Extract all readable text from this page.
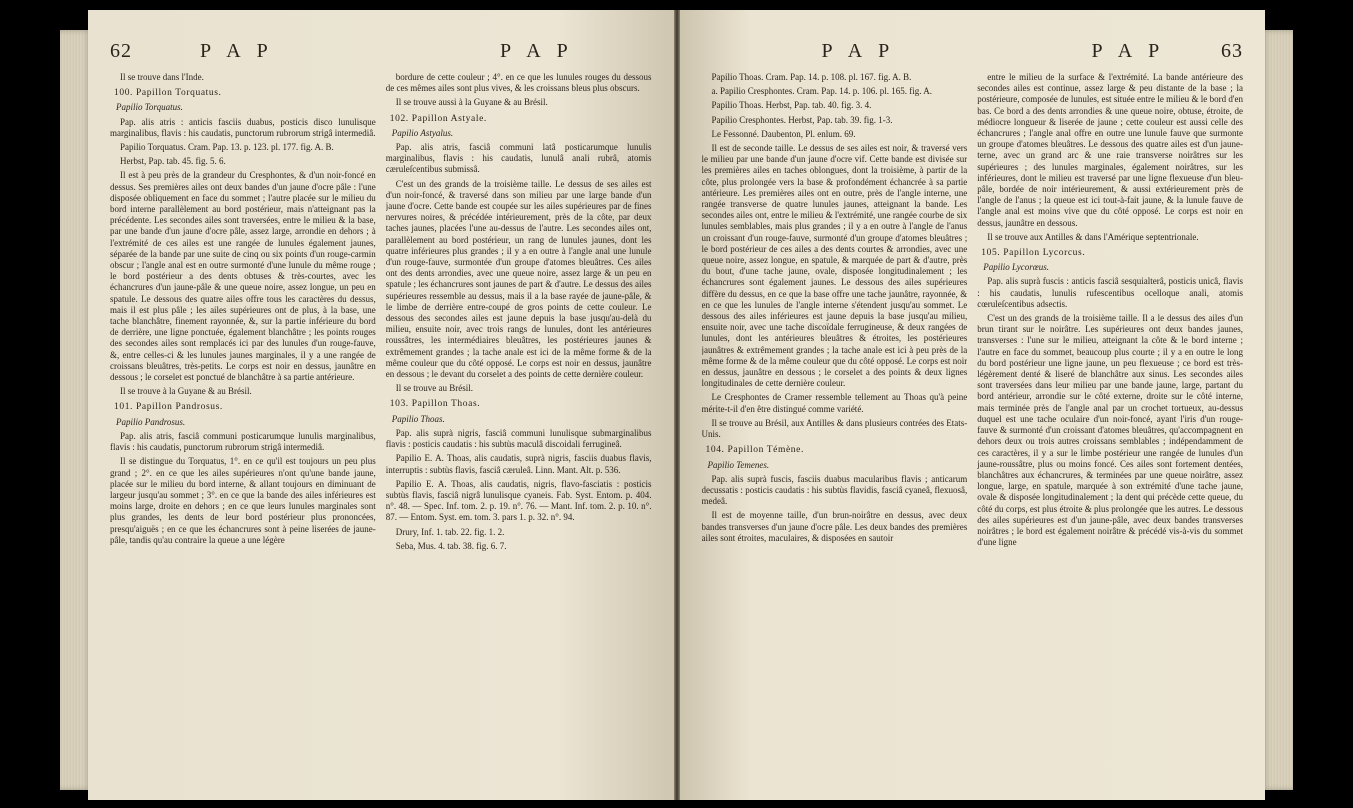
62	P A P	P A P

Il se trouve dans l'Inde.

100. Papillon Torquatus.

Papilio Torquatus.

Pap. alis atris : anticis fasciis duabus, posticis disco lunulisque marginalibus, flavis : his caudatis, punctorum rubrorum strigâ intermediâ.

Papilio Torquatus. Cram. Pap. 13. p. 123. pl. 177. fig. A. B.

Herbst, Pap. tab. 45. fig. 5. 6.

Il est à peu près de la grandeur du Cresphontes, & d'un noir-foncé en dessus. Ses premières ailes ont deux bandes d'un jaune d'ocre pâle : l'une disposée obliquement en face du sommet ; l'autre placée sur le milieu du bord interne parallèlement au bord postérieur, mais n'atteignant pas la précédente. Les secondes ailes sont traversées, entre le milieu & la base, par une bande d'un jaune d'ocre pâle, assez large, arrondie en dehors ; à l'extrémité de ces ailes est une rangée de lunules également jaunes, séparée de la bande par une suite de cinq ou six points d'un rouge-carmin obscur ; l'angle anal est en outre surmonté d'une lunule du même rouge ; le bord postérieur a des dents obtuses & très-courtes, avec les échancrures d'un jaune-pâle & une queue noire, assez longue, un peu en spatule. Le dessous des quatre ailes offre tous les caractères du dessus, mais il est plus pâle ; les ailes supérieures ont de plus, à la base, une tache blanchâtre, finement rayonnée, &, sur la partie inférieure du bord de derrière, une ligne ponctuée, également blanchâtre ; les points rouges des secondes ailes sont remplacés ici par des lunules d'un rouge-fauve, &, entre celles-ci & les lunules jaunes marginales, il y a une rangée de croissans bleuâtres, très-petits. Le corps est noir en dessus, jaunâtre en dessous ; le corselet est ponctué de blanchâtre à sa partie antérieure.

Il se trouve à la Guyane & au Brésil.

101. Papillon Pandrosus.

Papilio Pandrosus.

Pap. alis atris, fasciâ communi posticarumque lunulis marginalibus, flavis : his caudatis, punctorum rubrorum strigâ intermediâ.

Il se distingue du Torquatus, 1°. en ce qu'il est toujours un peu plus grand ; 2°. en ce que les ailes supérieures n'ont qu'une bande jaune, placée sur le milieu du bord interne, & allant toujours en diminuant de largeur jusqu'au sommet ; 3°. en ce que la bande des ailes inférieures est moins large, droite en dehors ; en ce que leurs lunules marginales sont plus grandes, les dents de leur bord postérieur plus prononcées, presqu'aiguës ; en ce que les échancrures sont à peine liserées de jaune-pâle, tandis qu'au contraire la queue a une légère

bordure de cette couleur ; 4°. en ce que les lunules rouges du dessous de ces mêmes ailes sont plus vives, & les croissans bleus plus obscurs.

Il se trouve aussi à la Guyane & au Brésil.

102. Papillon Astyale.

Papilio Astyalus.

Pap. alis atris, fasciâ communi latâ posticarumque lunulis marginalibus, flavis : his caudatis, lunulâ anali rubrâ, atomis cæruleſcentibus submissâ.

C'est un des grands de la troisième taille. Le dessus de ses ailes est d'un noir-foncé, & traversé dans son milieu par une large bande d'un jaune d'ocre. Cette bande est coupée sur les ailes supérieures par de fines nervures noires, & précédée intérieurement, près de la côte, par deux taches jaunes, placées l'une au-dessus de l'autre. Les secondes ailes ont, parallèlement au bord postérieur, un rang de lunules jaunes, dont les quatre inférieures plus grandes ; il y a en outre à l'angle anal une lunule d'un rouge-fauve, surmontée d'un groupe d'atomes bleuâtres. Ces ailes ont des dents arrondies, avec une queue noire, assez large & un peu en spatule ; les échancrures sont jaunes de part & d'autre. Le dessus des ailes supérieures ressemble au dessus, mais il a la base rayée de jaune-pâle, & le limbe de derrière entre-coupé de gros points de cette couleur. Le dessous des secondes ailes est jaune depuis la base jusqu'au-delà du milieu, ensuite noir, avec trois rangs de lunules, dont les antérieures roussâtres, les intermédiaires bleuâtres, les postérieures jaunes & extrêmement grandes ; la tache anale est ici de la même forme & de la même couleur que du côté opposé. Le corps est noir en dessus, jaunâtre en dessous ; le devant du corselet a des points de cette dernière couleur.

Il se trouve au Brésil.

103. Papillon Thoas.

Papilio Thoas.

Pap. alis suprà nigris, fasciâ communi lunulisque submarginalibus flavis : posticis caudatis : his subtùs maculâ discoidali ferrugineâ.

Papilio E. A. Thoas, alis caudatis, suprà nigris, fasciis duabus flavis, interruptis : subtùs flavis, fasciâ cæruleâ. Linn. Mant. Alt. p. 536.

Papilio E. A. Thoas, alis caudatis, nigris, flavo-fasciatis : posticis subtùs flavis, fasciâ nigrâ lunulisque cyaneis. Fab. Syst. Entom. p. 404. n°. 48. — Spec. Inf. tom. 2. p. 19. n°. 76. — Mant. Inf. tom. 2. p. 10. n°. 87. — Entom. Syst. em. tom. 3. pars 1. p. 32. n°. 94.

Drury, Inf. 1. tab. 22. fig. 1. 2.

Seba, Mus. 4. tab. 38. fig. 6. 7.

P A P	P A P	63

Papilio Thoas. Cram. Pap. 14. p. 108. pl. 167. fig. A. B.

a. Papilio Cresphontes. Cram. Pap. 14. p. 106. pl. 165. fig. A.

Papilio Thoas. Herbst, Pap. tab. 40. fig. 3. 4.

Papilio Cresphontes. Herbst, Pap. tab. 39. fig. 1-3.

Le Fessonné. Daubenton, Pl. enlum. 69.

Il est de seconde taille. Le dessus de ses ailes est noir, & traversé vers le milieu par une bande d'un jaune d'ocre vif. Cette bande est divisée sur les premières ailes en taches oblongues, dont la troisième, à partir de la côte, plus prolongée vers la base & profondément échancrée à sa partie antérieure. Les premières ailes ont en outre, près de l'angle interne, une rangée transverse de quatre lunules jaunes, atteignant la bande. Les secondes ailes ont, entre le milieu & l'extrémité, une rangée courbe de six lunules semblables, mais plus grandes ; il y a en outre à l'angle de l'anus un croissant d'un rouge-fauve, surmonté d'un groupe d'atomes bleuâtres ; le bord postérieur de ces ailes a des dents courtes & arrondies, avec une queue noire, assez longue, en spatule, & marquée de part & d'autre, près du bout, d'une tache jaune, ovale, disposée longitudinalement ; les échancrures sont également jaunes. Le dessous des ailes supérieures diffère du dessus, en ce que la base offre une tache jaunâtre, rayonnée, & en ce que les lunules de l'angle interne s'étendent jusqu'au sommet. Le dessous des ailes inférieures est jaune depuis la base jusqu'au milieu, ensuite noir, avec une tache discoïdale ferrugineuse, & deux rangées de lunules, dont les antérieures bleuâtres & étroites, les postérieures jaunâtres & extrêmement grandes ; la tache anale est ici à peu près de la même forme & de la même couleur que du côté opposé. Le corps est noir en dessus, jaunâtre en dessous ; le corselet a des points & deux lignes longitudinales de cette dernière couleur.

Le Cresphontes de Cramer ressemble tellement au Thoas qu'à peine mérite-t-il d'en être distingué comme variété.

Il se trouve au Brésil, aux Antilles & dans plusieurs contrées des Etats-Unis.

104. Papillon Témène.

Papilio Temenes.

Pap. alis suprà fuscis, fasciis duabus macularibus flavis ; anticarum decussatis : posticis caudatis : his subtùs flavidis, fasciâ cyaneâ, flexuosâ, medeâ.

Il est de moyenne taille, d'un brun-noirâtre en dessus, avec deux bandes transverses d'un jaune d'ocre pâle. Les deux bandes des premières ailes sont étroites, maculaires, & disposées en sautoir

entre le milieu de la surface & l'extrémité. La bande antérieure des secondes ailes est continue, assez large & peu distante de la base ; la postérieure, composée de lunules, est située entre le milieu & le bord d'en bas. Ce bord a des dents arrondies & une queue noire, obtuse, étroite, de médiocre longueur & liserée de jaune ; cette couleur est aussi celle des échancrures ; l'angle anal offre en outre une lunule fauve que surmonte un groupe d'atomes bleuâtres. Le dessous des quatre ailes est d'un jaune-terne, avec un grand arc & une raie transverse noirâtres sur les supérieures ; des lunules marginales, également noirâtres, sur les inférieures, dont le milieu est traversé par une ligne flexueuse d'un bleu-pâle, bordée de noir intérieurement, & aussi extérieurement près de l'angle de l'anus ; la queue est ici tout-à-fait jaune, & la lunule fauve de l'angle anal est moins vive que du côté opposé. Le corps est noir en dessus, jaunâtre en dessous.

Il se trouve aux Antilles & dans l'Amérique septentrionale.

105. Papillon Lycorcus.

Papilio Lycorœus.

Pap. alis suprà fuscis : anticis fasciâ sesquialterâ, posticis unicâ, flavis : his caudatis, lunulis rufescentibus ocelloque anali, atomis cœruleſcentibus adsectis.

C'est un des grands de la troisième taille. Il a le dessus des ailes d'un brun tirant sur le noirâtre. Les supérieures ont deux bandes jaunes, transverses : l'une sur le milieu, atteignant la côte & le bord interne ; l'autre en face du sommet, beaucoup plus courte ; il y a en outre le long du bord postérieur une ligne jaune, un peu flexueuse ; ce bord est très-légèrement denté & liseré de blanchâtre aux sinus. Les secondes ailes sont traversées dans leur milieu par une bande jaune, large, partant du bord antérieur, arrondie sur le côté externe, droite sur le côté interne, mais terminée près de l'angle anal par un crochet tortueux, au-dessus duquel est une tache oculaire d'un noir-foncé, ayant l'iris d'un rouge-fauve & surmonté d'un croissant d'atomes bleuâtres, qu'accompagnent en dehors deux ou trois autres croissans semblables ; indépendamment de ces caractères, il y a sur le limbe postérieur une rangée de lunules d'un jaune-roussâtre, plus ou moins foncé. Ces ailes sont fortement dentées, blanchâtres aux échancrures, & terminées par une queue noirâtre, assez longue, large, en spatule, marquée à son extrémité d'une tache jaune, ovale & disposée longitudinalement ; la dent qui précède cette queue, du côté du corps, est plus étroite & plus prolongée que les autres. Le dessous des ailes supérieures est d'un jaune-pâle, avec deux bandes transverses noirâtres ; le bord est également noirâtre & précédé vis-à-vis du sommet d'une ligne
